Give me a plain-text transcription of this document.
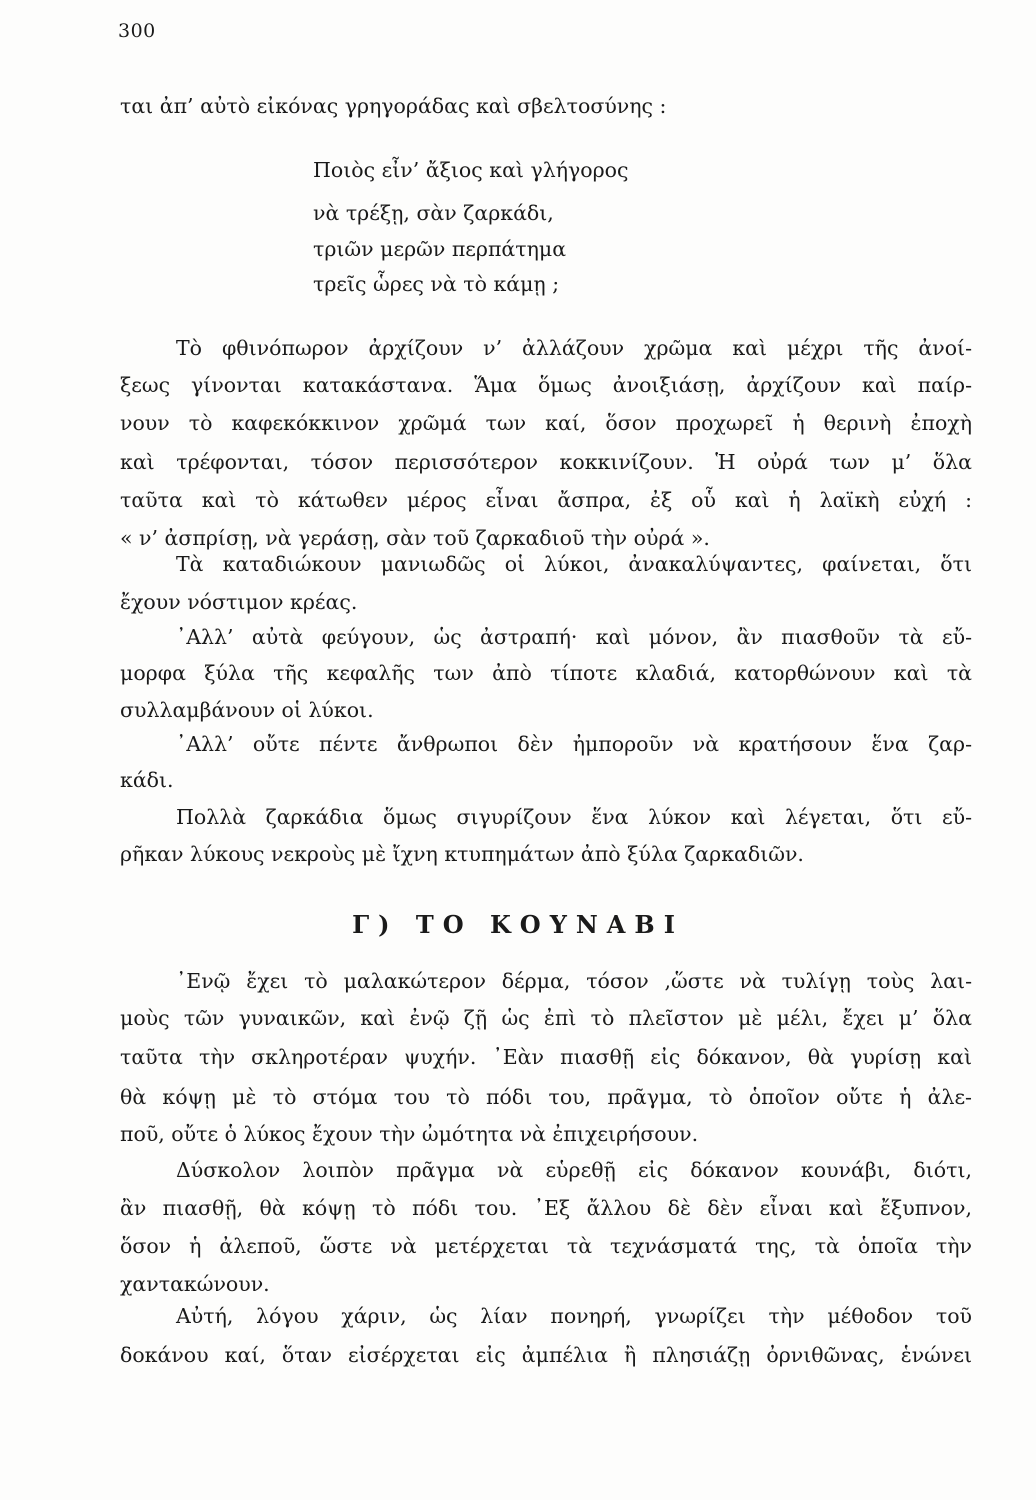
300
ται ἀπ’ αὐτὸ εἰκόνας γρηγοράδας καὶ σβελτοσύνης :
Ποιὸς εἶν’ ἄξιος καὶ γλήγορος
νὰ τρέξῃ, σὰν ζαρκάδι,
τριῶν μερῶν περπάτημα
τρεῖς ὧρες νὰ τὸ κάμῃ ;
Τὸ φθινόπωρον ἀρχίζουν ν’ ἀλλάζουν χρῶμα καὶ μέχρι τῆς ἀνοί-
ξεως γίνονται κατακάστανα. Ἅμα ὅμως ἀνοιξιάσῃ, ἀρχίζουν καὶ παίρ-
νουν τὸ καφεκόκκινον χρῶμά των καί, ὅσον προχωρεῖ ἡ θερινὴ ἐποχὴ
καὶ τρέφονται, τόσον περισσότερον κοκκινίζουν. Ἡ οὐρά των μ’ ὅλα
ταῦτα καὶ τὸ κάτωθεν μέρος εἶναι ἄσπρα, ἐξ οὗ καὶ ἡ λαϊκὴ εὐχή :
« ν’ ἀσπρίσῃ, νὰ γεράσῃ, σὰν τοῦ ζαρκαδιοῦ τὴν οὐρά ».
Τὰ καταδιώκουν μανιωδῶς οἱ λύκοι, ἀνακαλύψαντες, φαίνεται, ὅτι
ἔχουν νόστιμον κρέας.
᾿Αλλ’ αὐτὰ φεύγουν, ὡς ἀστραπή· καὶ μόνον, ἂν πιασθοῦν τὰ εὔ-
μορφα ξύλα τῆς κεφαλῆς των ἀπὸ τίποτε κλαδιά, κατορθώνουν καὶ τὰ
συλλαμβάνουν οἱ λύκοι.
᾿Αλλ’ οὔτε πέντε ἄνθρωποι δὲν ἠμποροῦν νὰ κρατήσουν ἕνα ζαρ-
κάδι.
Πολλὰ ζαρκάδια ὅμως σιγυρίζουν ἕνα λύκον καὶ λέγεται, ὅτι εὔ-
ρῆκαν λύκους νεκροὺς μὲ ἴχνη κτυπημάτων ἀπὸ ξύλα ζαρκαδιῶν.
Γ) ΤΟ ΚΟΥΝΑΒΙ
᾿Ενῷ ἔχει τὸ μαλακώτερον δέρμα, τόσον ,ὥστε νὰ τυλίγῃ τοὺς λαι-
μοὺς τῶν γυναικῶν, καὶ ἐνῷ ζῇ ὡς ἐπὶ τὸ πλεῖστον μὲ μέλι, ἔχει μ’ ὅλα
ταῦτα τὴν σκληροτέραν ψυχήν. ᾿Εὰν πιασθῇ εἰς δόκανον, θὰ γυρίσῃ καὶ
θὰ κόψῃ μὲ τὸ στόμα του τὸ πόδι του, πρᾶγμα, τὸ ὁποῖον οὔτε ἡ ἀλε-
ποῦ, οὔτε ὁ λύκος ἔχουν τὴν ὠμότητα νὰ ἐπιχειρήσουν.
Δύσκολον λοιπὸν πρᾶγμα νὰ εὑρεθῇ εἰς δόκανον κουνάβι, διότι,
ἂν πιασθῇ, θὰ κόψῃ τὸ πόδι του. ᾿Εξ ἄλλου δὲ δὲν εἶναι καὶ ἔξυπνον,
ὅσον ἡ ἀλεποῦ, ὥστε νὰ μετέρχεται τὰ τεχνάσματά της, τὰ ὁποῖα τὴν
χαντακώνουν.
Αὐτή, λόγου χάριν, ὡς λίαν πονηρή, γνωρίζει τὴν μέθοδον τοῦ
δοκάνου καί, ὅταν εἰσέρχεται εἰς ἀμπέλια ἢ πλησιάζῃ ὀρνιθῶνας, ἑνώνει
